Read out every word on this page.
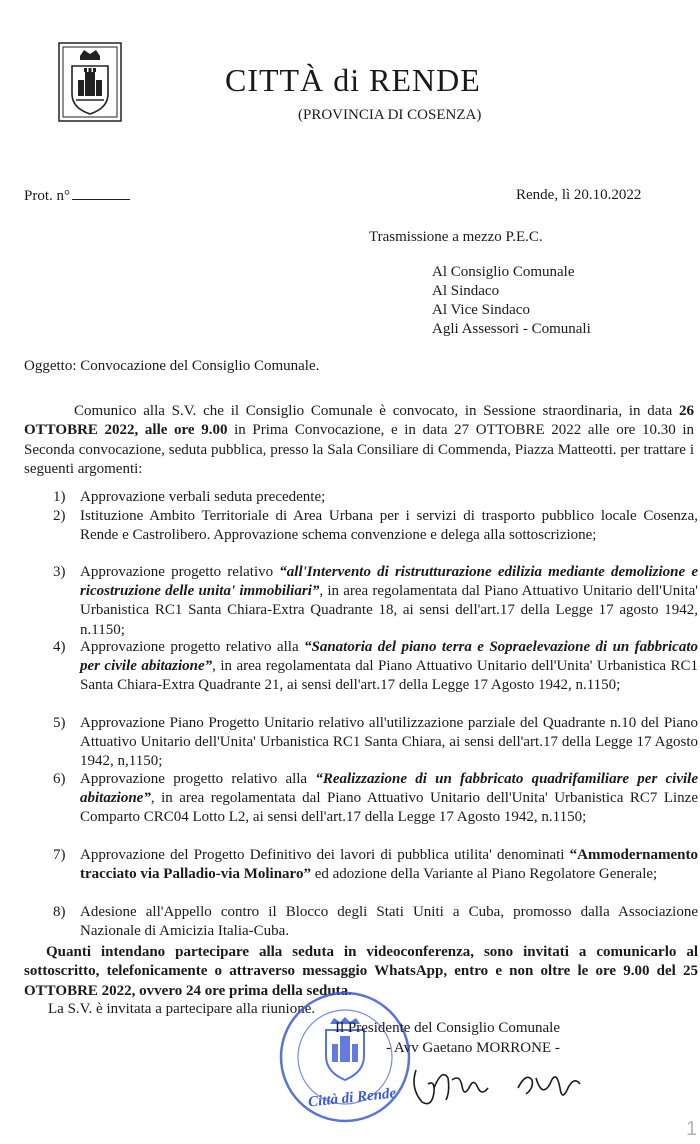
CITTÀ di RENDE
(PROVINCIA DI COSENZA)
Prot. n°	Rende, lì 20.10.2022
Trasmissione a mezzo P.E.C.
Al Consiglio Comunale
Al Sindaco
Al Vice Sindaco
Agli Assessori - Comunali
Oggetto: Convocazione del Consiglio Comunale.
Comunico alla S.V. che il Consiglio Comunale è convocato, in Sessione straordinaria, in data 26 OTTOBRE 2022, alle ore 9.00 in Prima Convocazione, e in data 27 OTTOBRE 2022 alle ore 10.30 in Seconda convocazione, seduta pubblica, presso la Sala Consiliare di Commenda, Piazza Matteotti. per trattare i seguenti argomenti:
1) Approvazione verbali seduta precedente;
2) Istituzione Ambito Territoriale di Area Urbana per i servizi di trasporto pubblico locale Cosenza, Rende e Castrolibero. Approvazione schema convenzione e delega alla sottoscrizione;
3) Approvazione progetto relativo “all'Intervento di ristrutturazione edilizia mediante demolizione e ricostruzione delle unita' immobiliari”, in area regolamentata dal Piano Attuativo Unitario dell'Unita' Urbanistica RC1 Santa Chiara-Extra Quadrante 18, ai sensi dell'art.17 della Legge 17 agosto 1942, n.1150;
4) Approvazione progetto relativo alla “Sanatoria del piano terra e Sopraelevazione di un fabbricato per civile abitazione”, in area regolamentata dal Piano Attuativo Unitario dell'Unita' Urbanistica RC1 Santa Chiara-Extra Quadrante 21, ai sensi dell'art.17 della Legge 17 Agosto 1942, n.1150;
5) Approvazione Piano Progetto Unitario relativo all'utilizzazione parziale del Quadrante n.10 del Piano Attuativo Unitario dell'Unita' Urbanistica RC1 Santa Chiara, ai sensi dell'art.17 della Legge 17 Agosto 1942, n,1150;
6) Approvazione progetto relativo alla “Realizzazione di un fabbricato quadrifamiliare per civile abitazione”, in area regolamentata dal Piano Attuativo Unitario dell'Unita' Urbanistica RC7 Linze Comparto CRC04 Lotto L2, ai sensi dell'art.17 della Legge 17 Agosto 1942, n.1150;
7) Approvazione del Progetto Definitivo dei lavori di pubblica utilita' denominati “Ammodernamento tracciato via Palladio-via Molinaro” ed adozione della Variante al Piano Regolatore Generale;
8) Adesione all'Appello contro il Blocco degli Stati Uniti a Cuba, promosso dalla Associazione Nazionale di Amicizia Italia-Cuba.
Quanti intendano partecipare alla seduta in videoconferenza, sono invitati a comunicarlo al sottoscritto, telefonicamente o attraverso messaggio WhatsApp, entro e non oltre le ore 9.00 del 25 OTTOBRE 2022, ovvero 24 ore prima della seduta.
La S.V. è invitata a partecipare alla riunione.
Città di Rende
Il Presidente del Consiglio Comunale
- Avv Gaetano MORRONE -
1
